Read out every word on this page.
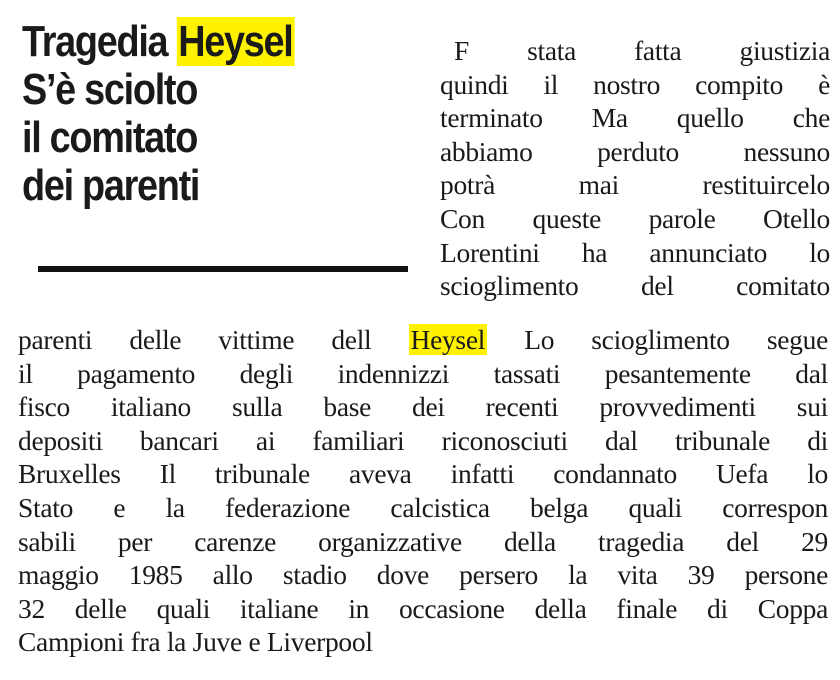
Tragedia Heysel
S’è sciolto
il comitato
dei parenti

F stata fatta giustizia
quindi il nostro compito è
terminato Ma quello che
abbiamo perduto nessuno
potrà mai restituircelo
Con queste parole Otello
Lorentini ha annunciato lo
scioglimento del comitato

parenti delle vittime dell Heysel Lo scioglimento segue
il pagamento degli indennizzi tassati pesantemente dal
fisco italiano sulla base dei recenti provvedimenti sui
depositi bancari ai familiari riconosciuti dal tribunale di
Bruxelles Il tribunale aveva infatti condannato Uefa lo
Stato e la federazione calcistica belga quali correspon
sabili per carenze organizzative della tragedia del 29
maggio 1985 allo stadio dove persero la vita 39 persone
32 delle quali italiane in occasione della finale di Coppa
Campioni fra la Juve e Liverpool
